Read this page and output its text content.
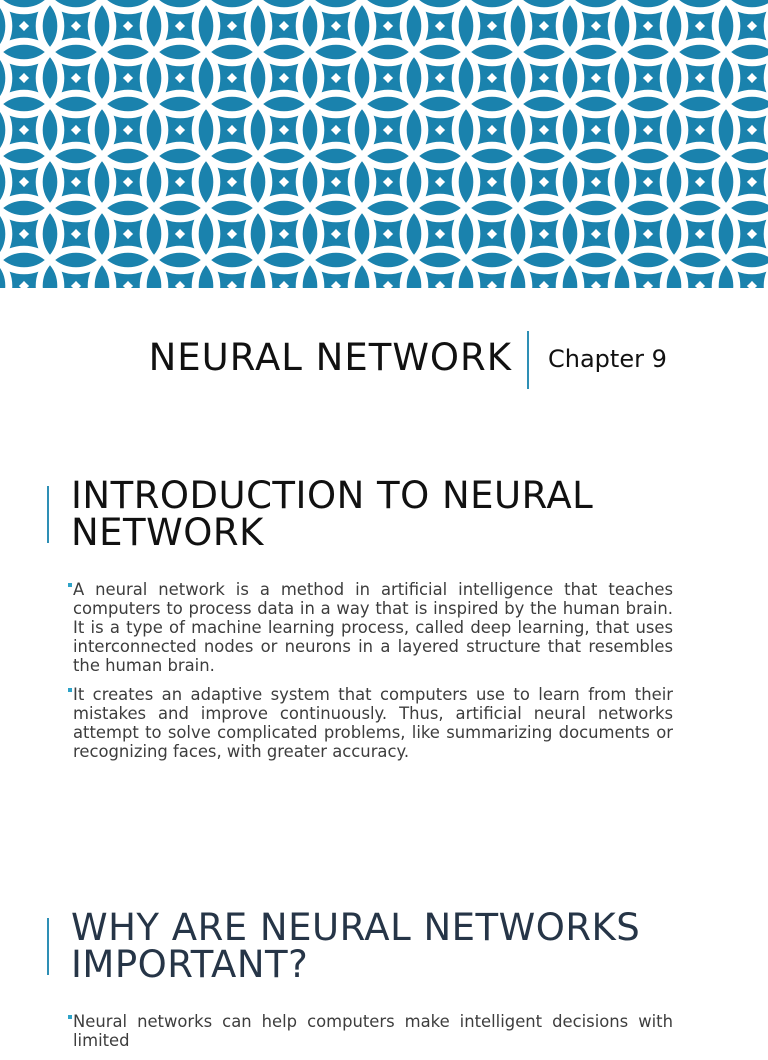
NEURAL NETWORK Chapter 9
INTRODUCTION TO NEURAL NETWORK
A neural network is a method in artificial intelligence that teaches computers to process data in a way that is inspired by the human brain. It is a type of machine learning process, called deep learning, that uses interconnected nodes or neurons in a layered structure that resembles the human brain.
It creates an adaptive system that computers use to learn from their mistakes and improve continuously. Thus, artificial neural networks attempt to solve complicated problems, like summarizing documents or recognizing faces, with greater accuracy.
WHY ARE NEURAL NETWORKS IMPORTANT?
Neural networks can help computers make intelligent decisions with limited
